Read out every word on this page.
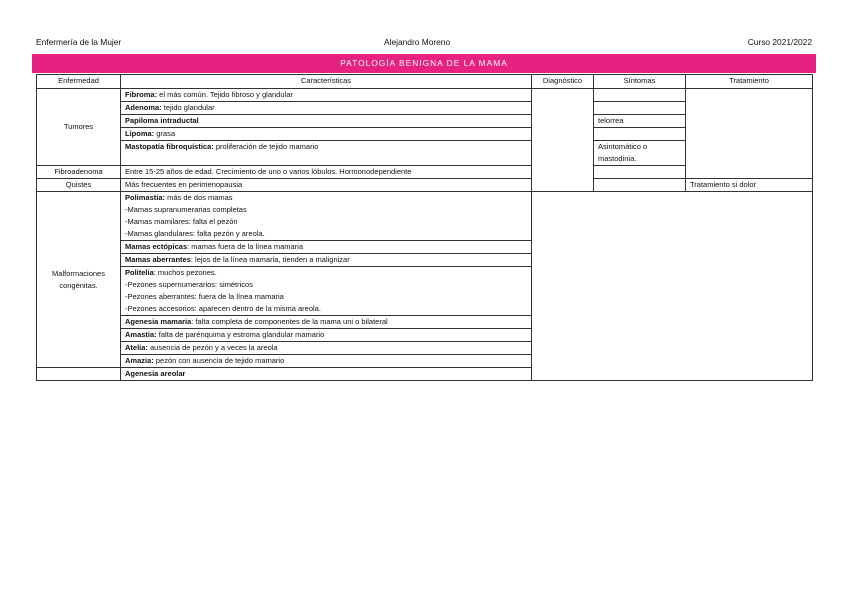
Enfermería de la Mujer	Alejandro Moreno	Curso 2021/2022
PATOLOGÍA BENIGNA DE LA MAMA
Enfermedad	Características	Diagnóstico	Síntomas	Tratamiento
Tumores	Fibroma: el más común. Tejido fibroso y glandular			
	Adenoma: tejido glandular			
	Papiloma intraductal		telorrea	
	Lipoma: grasa			
	Mastopatía fibroquística: proliferación de tejido mamario		Asintomático o mastodinia.	
Fibroadenoma	Entre 15-25 años de edad. Crecimiento de uno o varios lóbulos. Hormonodependiente			
Quistes	Más frecuentes en perimenopausia			Tratamiento si dolor
Malformaciones congénitas.	Polimastia: más de dos mamas
-Mamas supranumerarias completas
-Mamas mamilares: falta el pezón
-Mamas glandulares: falta pezón y areola.			

	Mamas ectópicas: mamas fuera de la línea mamaria			
	Mamas aberrantes: lejos de la línea mamaria, tienden a malignizar			

	Politelia: muchos pezones.
-Pezones supernumerarios: simétricos
-Pezones aberrantes: fuera de la línea mamaria
-Pezones accesorios: aparecen dentro de la misma areola.			

	Agenesia mamaria: falta completa de componentes de la mama uni o bilateral			
	Amastia: falta de parénquima y estroma glandular mamario			
	Atelia: ausencia de pezón y a veces la areola			
	Amazia: pezón con ausencia de tejido mamario			
	Agenesia areolar			
